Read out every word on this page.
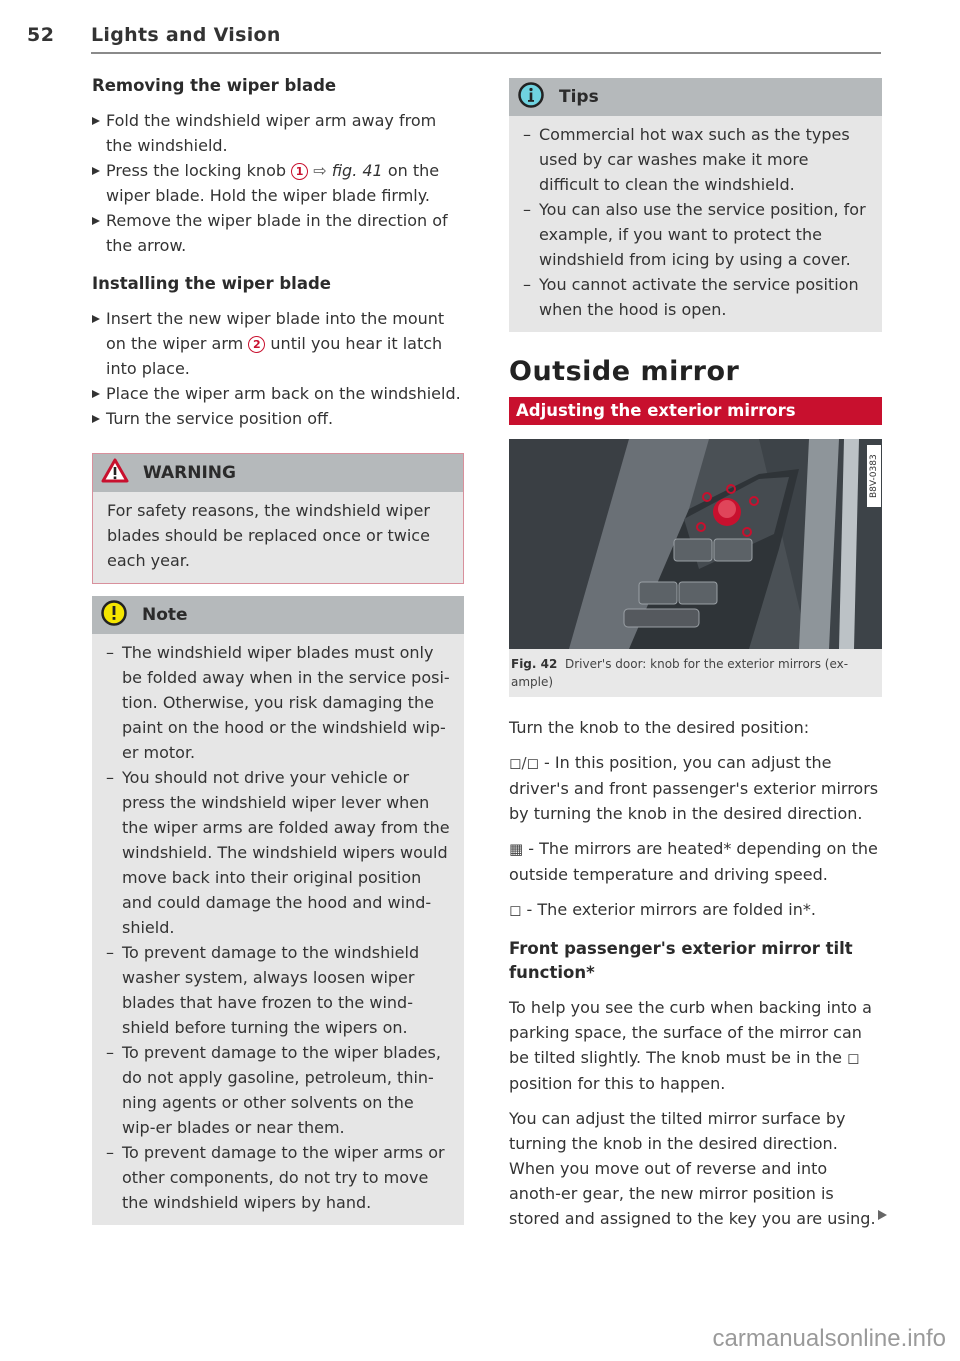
52 Lights and Vision
Removing the wiper blade
Fold the windshield wiper arm away from the windshield.
Press the locking knob 1 ⇨ fig. 41 on the wiper blade. Hold the wiper blade firmly.
Remove the wiper blade in the direction of the arrow.
Installing the wiper blade
Insert the new wiper blade into the mount on the wiper arm 2 until you hear it latch into place.
Place the wiper arm back on the windshield.
Turn the service position off.
WARNING
For safety reasons, the windshield wiper blades should be replaced once or twice each year.
Note
– The windshield wiper blades must only be folded away when in the service posi-tion. Otherwise, you risk damaging the paint on the hood or the windshield wip-er motor.
– You should not drive your vehicle or press the windshield wiper lever when the wiper arms are folded away from the windshield. The windshield wipers would move back into their original position and could damage the hood and wind-shield.
– To prevent damage to the windshield washer system, always loosen wiper blades that have frozen to the wind-shield before turning the wipers on.
– To prevent damage to the wiper blades, do not apply gasoline, petroleum, thin-ning agents or other solvents on the wip-er blades or near them.
– To prevent damage to the wiper arms or other components, do not try to move the windshield wipers by hand.
Tips
– Commercial hot wax such as the types used by car washes make it more difficult to clean the windshield.
– You can also use the service position, for example, if you want to protect the windshield from icing by using a cover.
– You cannot activate the service position when the hood is open.
Outside mirror
Adjusting the exterior mirrors
B8V-0383
Fig. 42 Driver's door: knob for the exterior mirrors (ex-ample)

Turn the knob to the desired position:

◻/◻ - In this position, you can adjust the driver's and front passenger's exterior mirrors by turning the knob in the desired direction.

▦ - The mirrors are heated* depending on the outside temperature and driving speed.

◻ - The exterior mirrors are folded in*.

Front passenger's exterior mirror tilt function*

To help you see the curb when backing into a parking space, the surface of the mirror can be tilted slightly. The knob must be in the ◻ position for this to happen.

You can adjust the tilted mirror surface by turning the knob in the desired direction. When you move out of reverse and into anoth-er gear, the new mirror position is stored and assigned to the key you are using.

carmanualsonline.info
